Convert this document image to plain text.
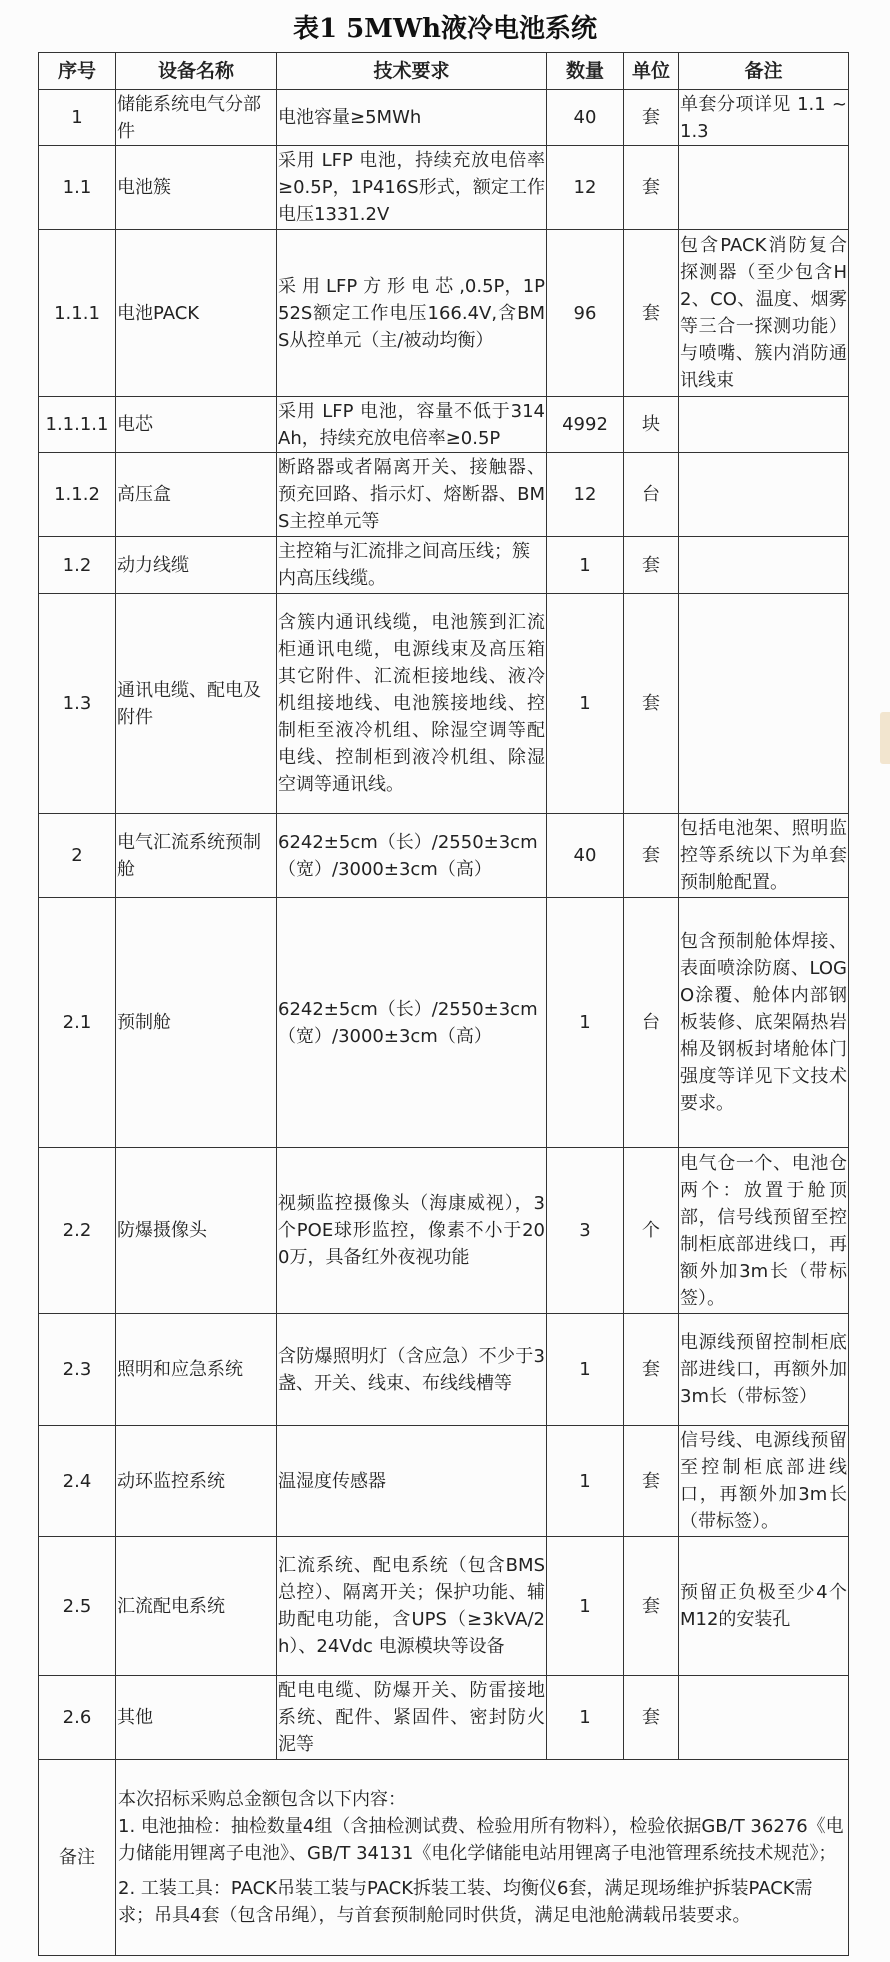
表1 5MWh液冷电池系统
序号	设备名称	技术要求	数量	单位	备注
1	储能系统电气分部件	电池容量≥5MWh	40	套	单套分项详见 1.1 ~1.3
1.1	电池簇	采用 LFP 电池，持续充放电倍率≥0.5P，1P416S形式，额定工作电压1331.2V	12	套	
1.1.1	电池PACK	采 用 LFP 方 形 电 芯 ,0.5P，1P52S额定工作电压166.4V,含BMS从控单元（主/被动均衡）	96	套	包含PACK消防复合探测器（至少包含H2、CO、温度、烟雾等三合一探测功能）与喷嘴、簇内消防通讯线束
1.1.1.1	电芯	采用 LFP 电池，容量不低于314Ah，持续充放电倍率≥0.5P	4992	块	
1.1.2	高压盒	断路器或者隔离开关、接触器、预充回路、指示灯、熔断器、BMS主控单元等	12	台	
1.2	动力线缆	主控箱与汇流排之间高压线；簇内高压线缆。	1	套	
1.3	通讯电缆、配电及附件	含簇内通讯线缆，电池簇到汇流柜通讯电缆，电源线束及高压箱其它附件、汇流柜接地线、液冷机组接地线、电池簇接地线、控制柜至液冷机组、除湿空调等配电线、控制柜到液冷机组、除湿空调等通讯线。	1	套	
2	电气汇流系统预制舱	6242±5cm（长）/2550±3cm（宽）/3000±3cm（高）	40	套	包括电池架、照明监控等系统以下为单套预制舱配置。
2.1	预制舱	6242±5cm（长）/2550±3cm（宽）/3000±3cm（高）	1	台	包含预制舱体焊接、表面喷涂防腐、LOGO涂覆、舱体内部钢板装修、底架隔热岩棉及钢板封堵舱体门强度等详见下文技术要求。
2.2	防爆摄像头	视频监控摄像头（海康威视），3个POE球形监控，像素不小于200万，具备红外夜视功能	3	个	电气仓一个、电池仓两个：放置于舱顶部，信号线预留至控制柜底部进线口，再额外加3m长（带标签）。
2.3	照明和应急系统	含防爆照明灯（含应急）不少于3盏、开关、线束、布线线槽等	1	套	电源线预留控制柜底部进线口，再额外加3m长（带标签）
2.4	动环监控系统	温湿度传感器	1	套	信号线、电源线预留至控制柜底部进线口，再额外加3m长（带标签）。
2.5	汇流配电系统	汇流系统、配电系统（包含BMS总控）、隔离开关；保护功能、辅助配电功能，含UPS（≥3kVA/2h）、24Vdc 电源模块等设备	1	套	预留正负极至少4个M12的安装孔
2.6	其他	配电电缆、防爆开关、防雷接地系统、配件、紧固件、密封防火泥等	1	套	
备注	本次招标采购总金额包含以下内容：

1. 电池抽检：抽检数量4组（含抽检测试费、检验用所有物料），检验依据GB/T 36276《电力储能用锂离子电池》、GB/T 34131《电化学储能电站用锂离子电池管理系统技术规范》；

2. 工装工具：PACK吊装工装与PACK拆装工装、均衡仪6套，满足现场维护拆装PACK需求；吊具4套（包含吊绳），与首套预制舱同时供货，满足电池舱满载吊装要求。				
